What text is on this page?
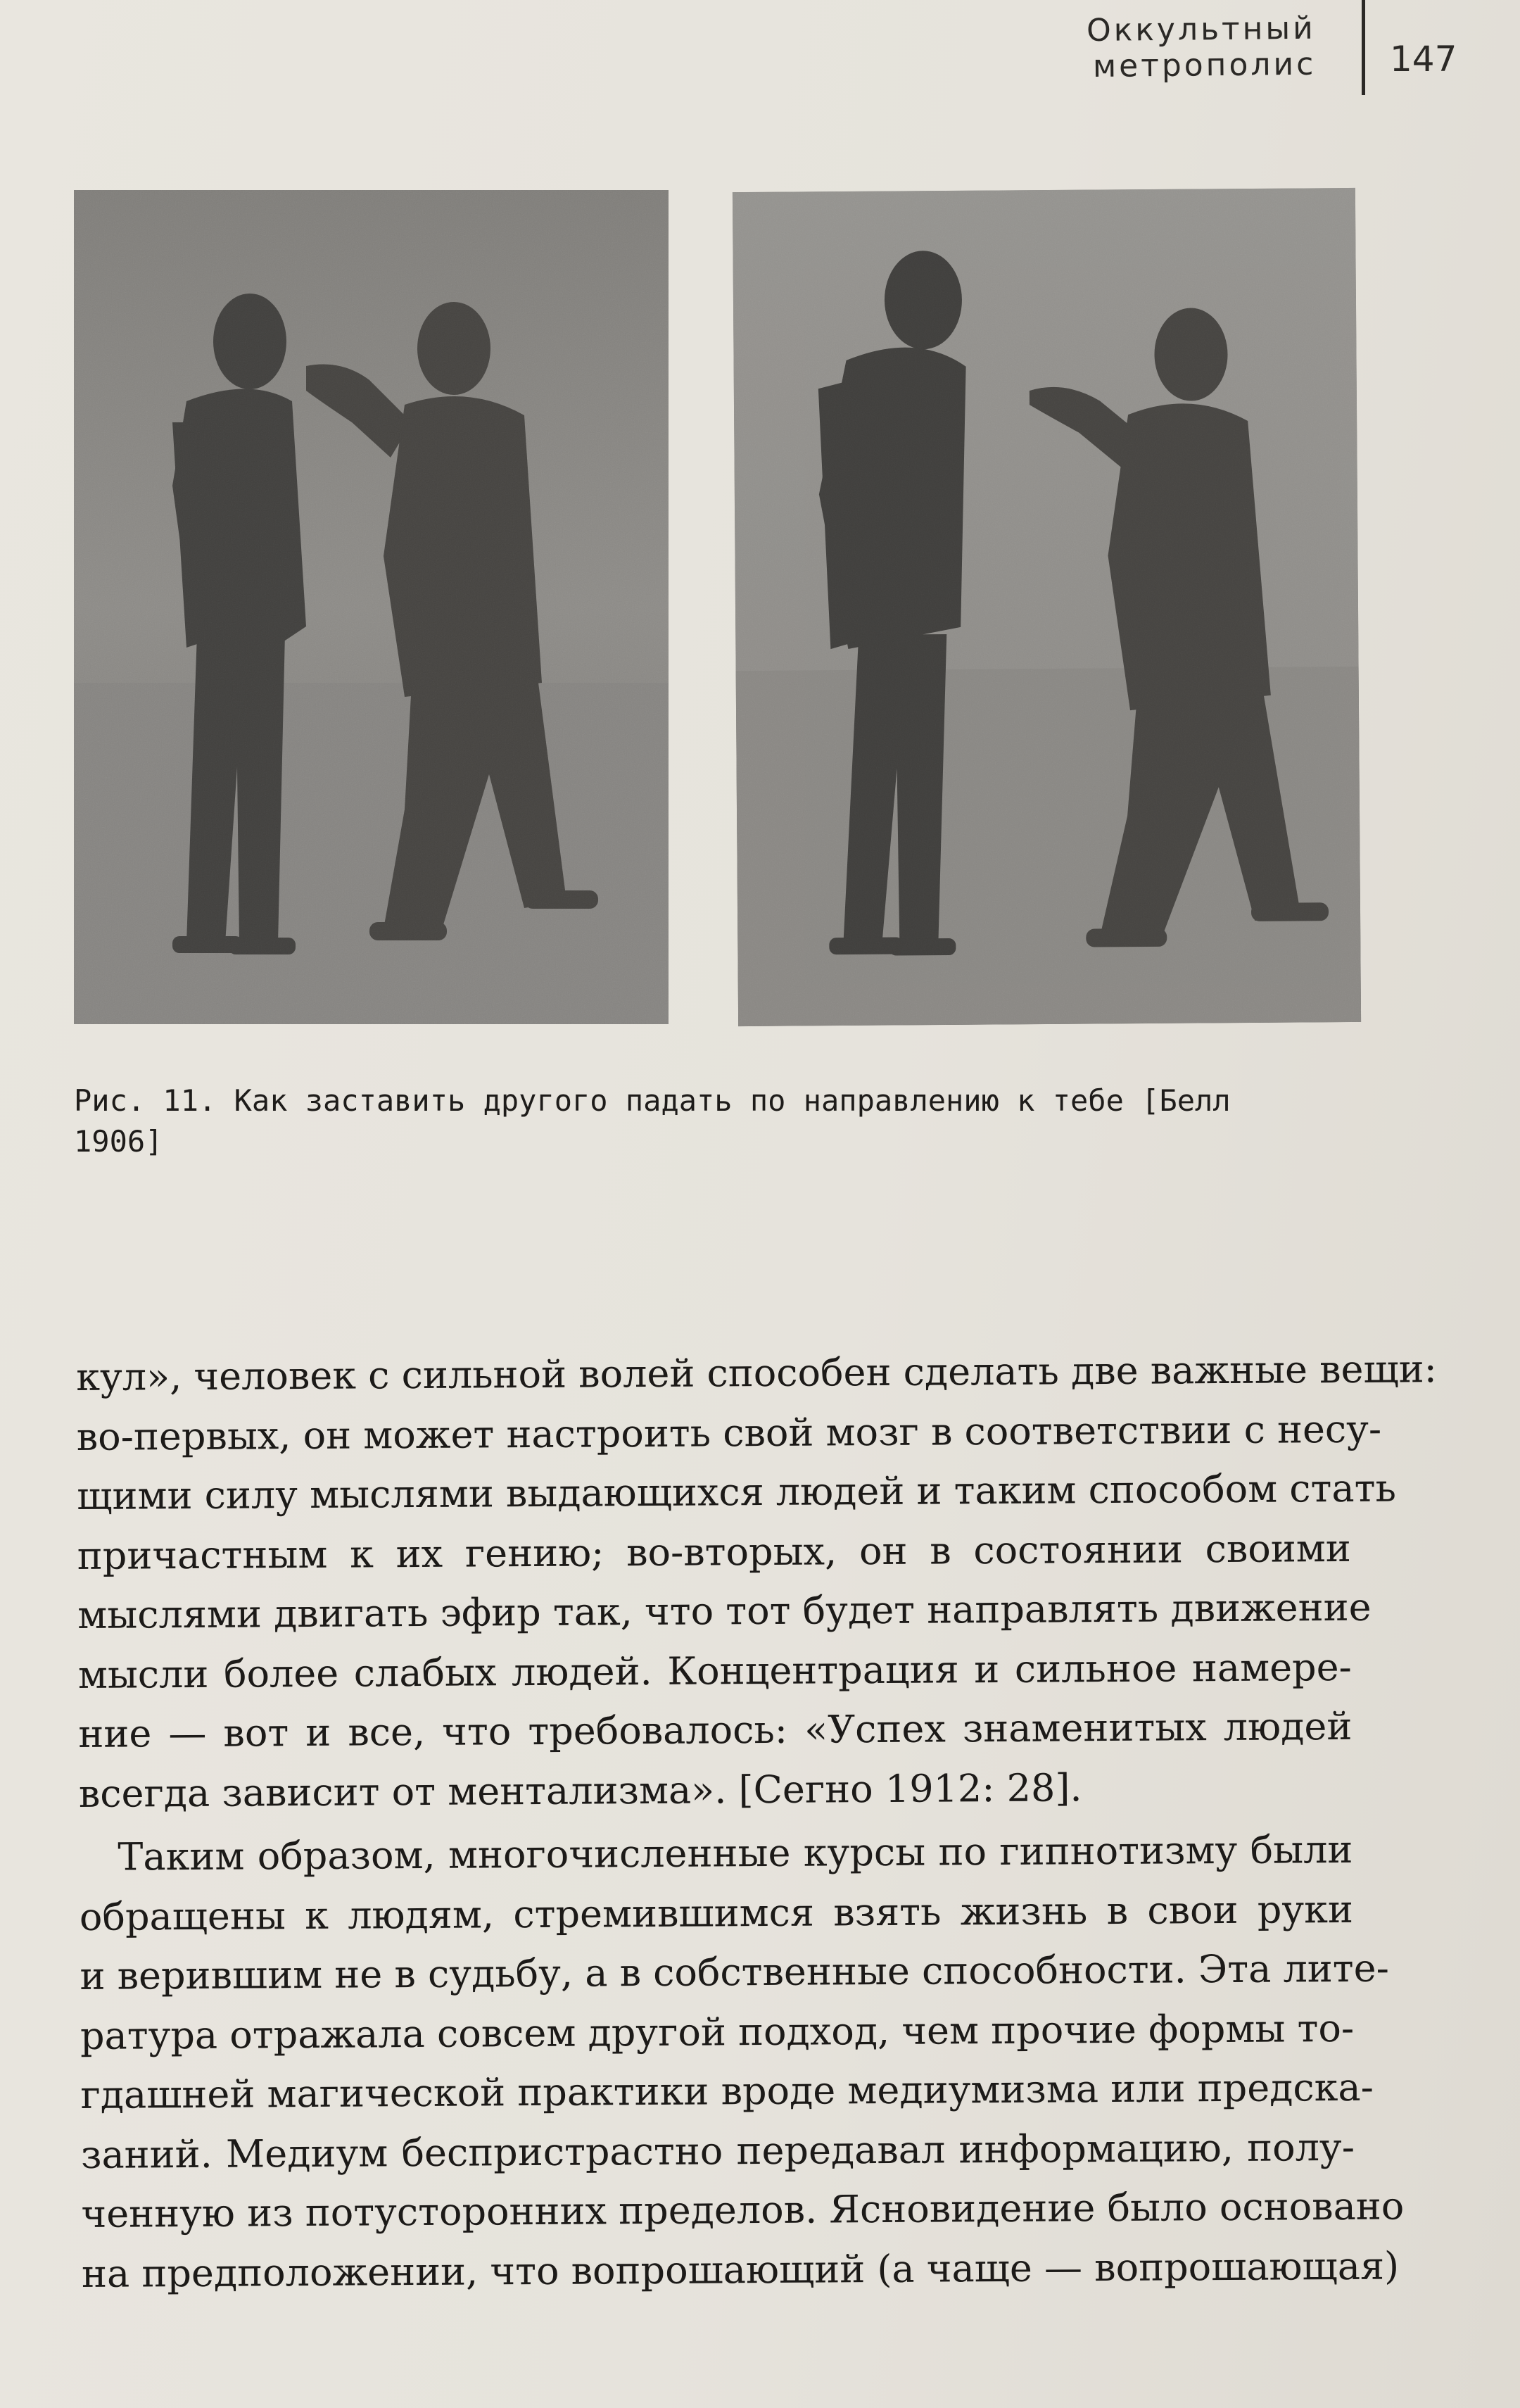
Оккультный метрополис 147
Рис. 11. Как заставить другого падать по направлению к тебе [Белл
1906]
кул», человек с сильной волей способен сделать две важные вещи:
во-первых, он может настроить свой мозг в соответствии с несу-
щими силу мыслями выдающихся людей и таким способом стать
причастным к их гению; во-вторых, он в состоянии своими
мыслями двигать эфир так, что тот будет направлять движение
мысли более слабых людей. Концентрация и сильное намере-
ние — вот и все, что требовалось: «Успех знаменитых людей
всегда зависит от ментализма». [Сегно 1912: 28].
Таким образом, многочисленные курсы по гипнотизму были
обращены к людям, стремившимся взять жизнь в свои руки
и верившим не в судьбу, а в собственные способности. Эта лите-
ратура отражала совсем другой подход, чем прочие формы то-
гдашней магической практики вроде медиумизма или предска-
заний. Медиум беспристрастно передавал информацию, полу-
ченную из потусторонних пределов. Ясновидение было основано
на предположении, что вопрошающий (а чаще — вопрошающая)
